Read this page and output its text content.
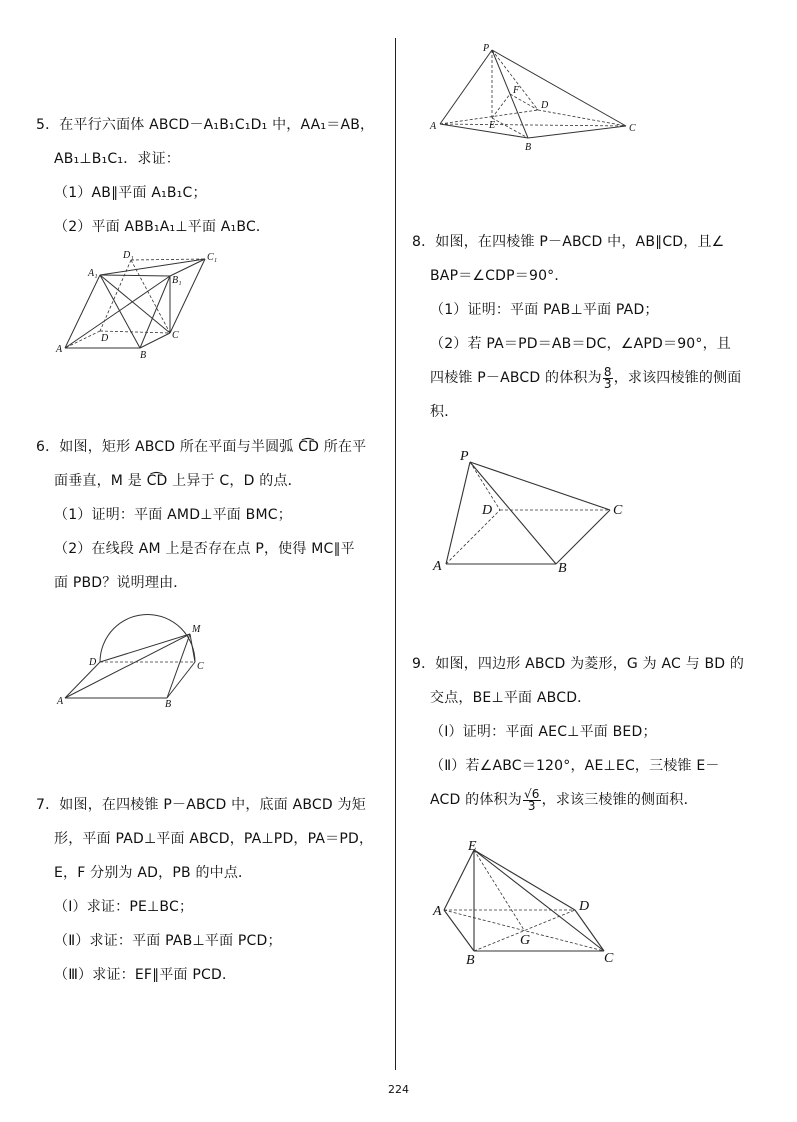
5．在平行六面体 ABCD－A₁B₁C₁D₁ 中，AA₁＝AB，
AB₁⊥B₁C₁．求证：
（1）AB∥平面 A₁B₁C；
（2）平面 ABB₁A₁⊥平面 A₁BC．
A
B
C
D
A₁
B₁
C₁
D₁
6．如图，矩形 ABCD 所在平面与半圆弧 C͡D 所在平
面垂直，M 是 C͡D 上异于 C，D 的点．
（1）证明：平面 AMD⊥平面 BMC；
（2）在线段 AM 上是否存在点 P，使得 MC∥平
面 PBD？说明理由．
A	B
C
D
M
7．如图，在四棱锥 P－ABCD 中，底面 ABCD 为矩
形，平面 PAD⊥平面 ABCD，PA⊥PD，PA＝PD，
E，F 分别为 AD，PB 的中点．
（Ⅰ）求证：PE⊥BC；
（Ⅱ）求证：平面 PAB⊥平面 PCD；
（Ⅲ）求证：EF∥平面 PCD．
P
A
B
C
D
E
F
8．如图，在四棱锥 P－ABCD 中，AB∥CD，且∠
BAP＝∠CDP＝90°．
（1）证明：平面 PAB⊥平面 PAD；
（2）若 PA＝PD＝AB＝DC，∠APD＝90°，且
四棱锥 P－ABCD 的体积为 $\frac{8}{3}$ ，求该四棱锥的侧面
积．
P
A	B
C
D
9．如图，四边形 ABCD 为菱形，G 为 AC 与 BD 的
交点，BE⊥平面 ABCD．
（Ⅰ）证明：平面 AEC⊥平面 BED；
（Ⅱ）若∠ABC＝120°，AE⊥EC，三棱锥 E－
ACD 的体积为 $\frac{√6}{3}$ ，求该三棱锥的侧面积．
E
A
B	C
D
G
224
